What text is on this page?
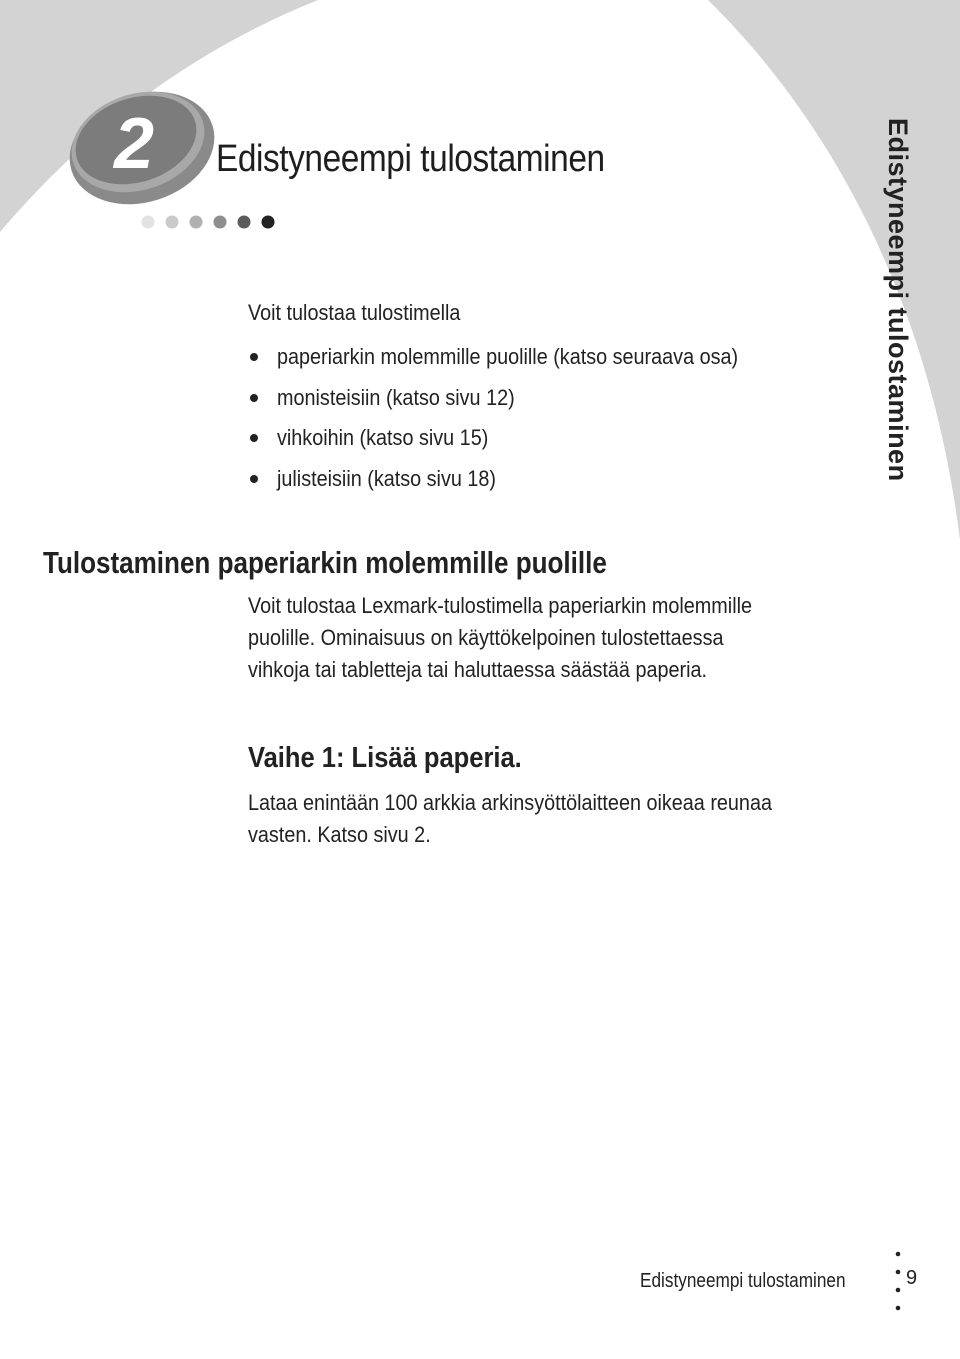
2 Edistyneempi tulostaminen
Voit tulostaa tulostimella
paperiarkin molemmille puolille (katso seuraava osa)
monisteisiin (katso sivu 12)
vihkoihin (katso sivu 15)
julisteisiin (katso sivu 18)
Tulostaminen paperiarkin molemmille puolille
Voit tulostaa Lexmark-tulostimella paperiarkin molemmille
puolille. Ominaisuus on käyttökelpoinen tulostettaessa
vihkoja tai tabletteja tai haluttaessa säästää paperia.
Vaihe 1: Lisää paperia.
Lataa enintään 100 arkkia arkinsyöttölaitteen oikeaa reunaa
vasten. Katso sivu 2.
Edistyneempi tulostaminen
Edistyneempi tulostaminen	9
